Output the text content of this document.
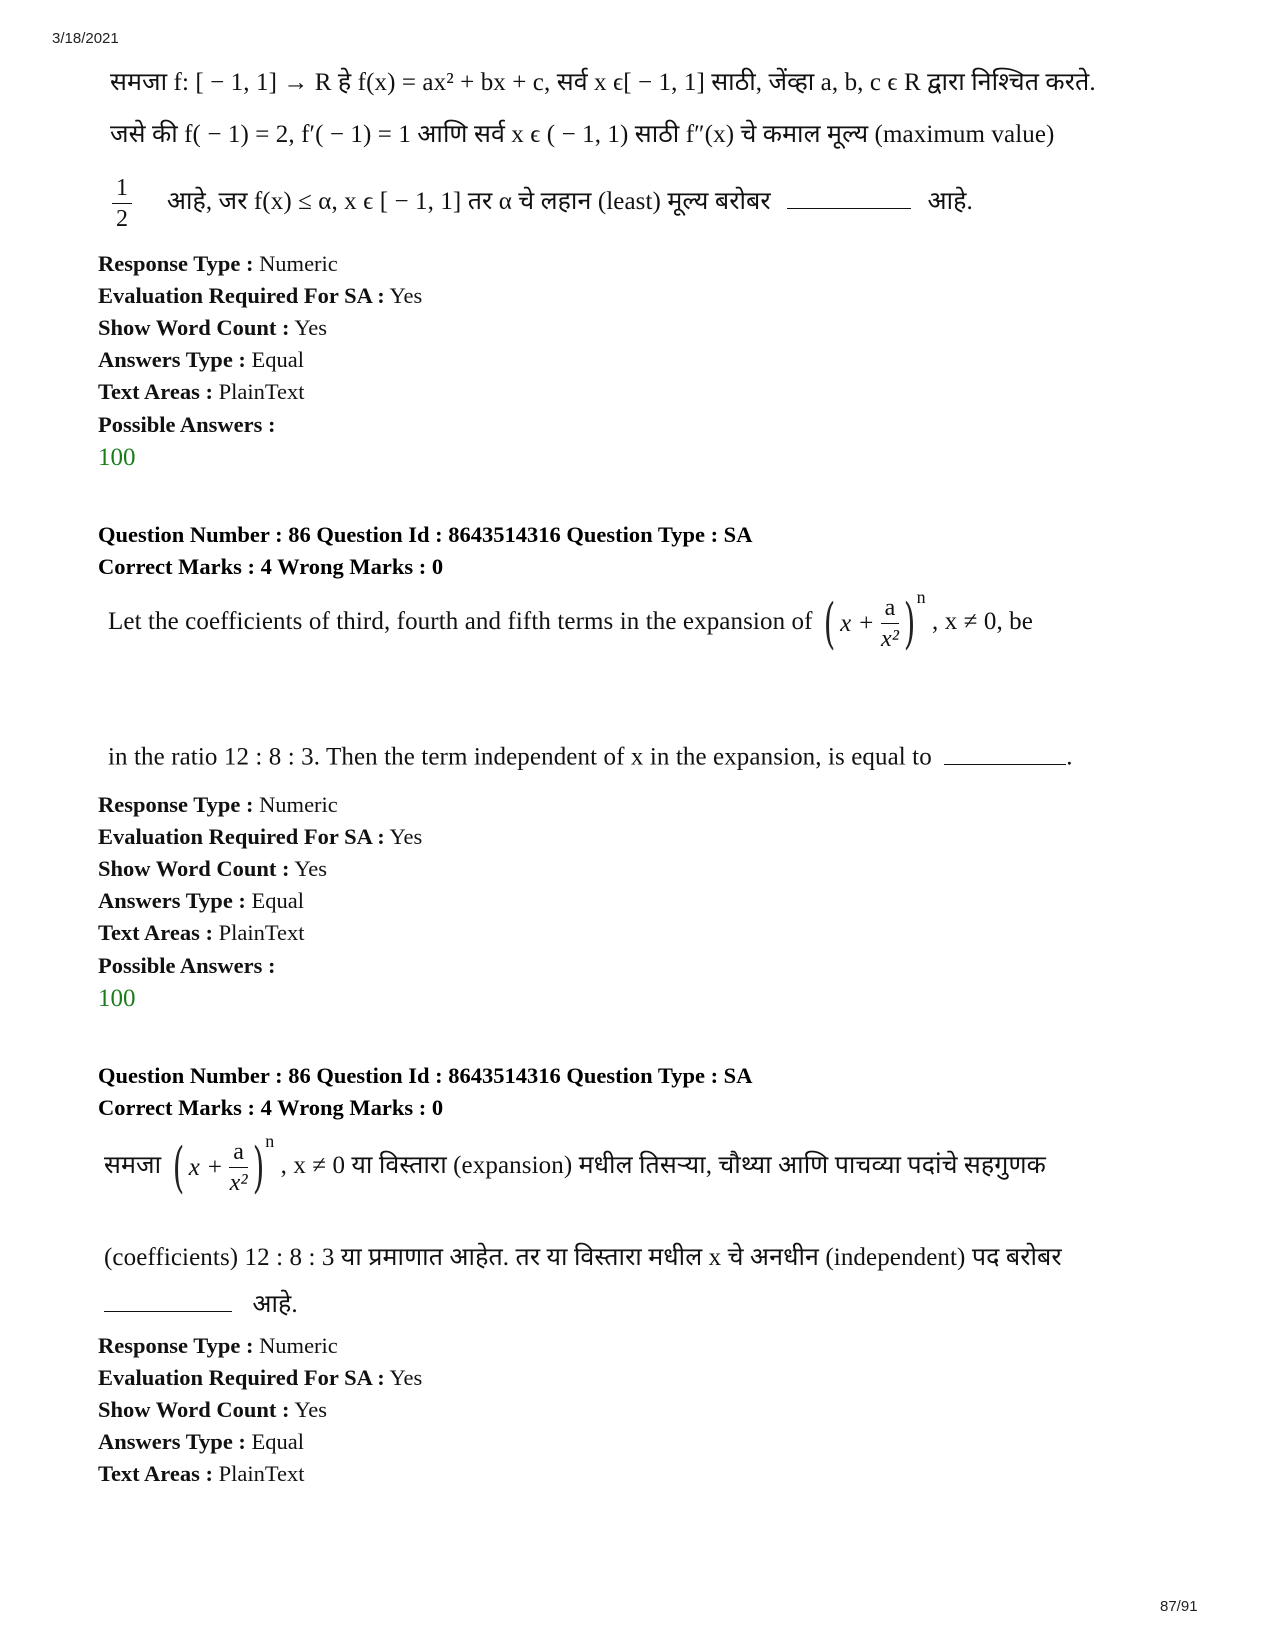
3/18/2021
समजा f: [ − 1, 1] → R हे f(x) = ax² + bx + c, सर्व x ϵ[ − 1, 1] साठी, जेंव्हा a, b, c ϵ R द्वारा निश्चित करते.
जसे की f( − 1) = 2, f′( − 1) = 1 आणि सर्व x ϵ ( − 1, 1) साठी f″(x) चे कमाल मूल्य (maximum value)
$\frac{1}{2}$ आहे, जर f(x) ≤ α, x ϵ [ − 1, 1] तर α चे लहान (least) मूल्य बरोबर	आहे.
Response Type : Numeric
Evaluation Required For SA : Yes
Show Word Count : Yes
Answers Type : Equal
Text Areas : PlainText
Possible Answers :
100
Question Number : 86 Question Id : 8643514316 Question Type : SA
Correct Marks : 4 Wrong Marks : 0
Let the coefficients of third, fourth and fifth terms in the expansion of ( $x + \frac{a}{\text{x²}}$ ) n
, x ≠ 0, be
in the ratio 12 : 8 : 3. Then the term independent of x in the expansion, is equal to	.
Response Type : Numeric
Evaluation Required For SA : Yes
Show Word Count : Yes
Answers Type : Equal
Text Areas : PlainText
Possible Answers :
100
Question Number : 86 Question Id : 8643514316 Question Type : SA
Correct Marks : 4 Wrong Marks : 0
समजा ( $x + \frac{a}{\text{x²}}$ ) n
, x ≠ 0 या विस्तारा (expansion) मधील तिसऱ्या, चौथ्या आणि पाचव्या पदांचे सहगुणक
(coefficients) 12 : 8 : 3 या प्रमाणात आहेत. तर या विस्तारा मधील x चे अनधीन (independent) पद बरोबर
आहे.
Response Type : Numeric
Evaluation Required For SA : Yes
Show Word Count : Yes
Answers Type : Equal
Text Areas : PlainText
87/91
